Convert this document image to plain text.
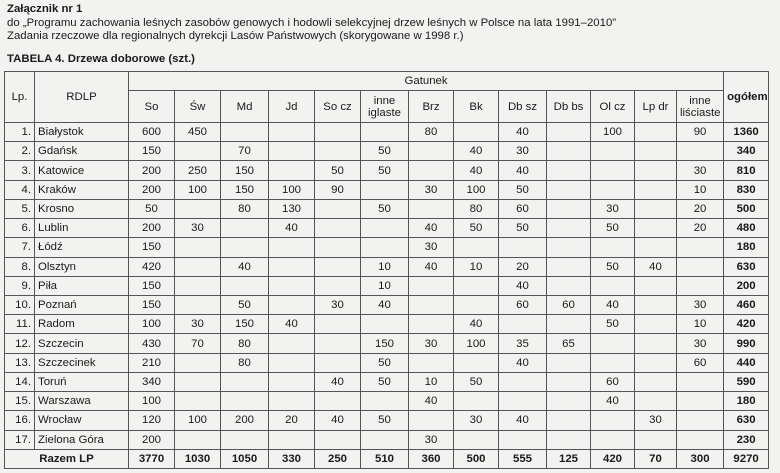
Załącznik nr 1
do „Programu zachowania leśnych zasobów genowych i hodowli selekcyjnej drzew leśnych w Polsce na lata 1991–2010”
Zadania rzeczowe dla regionalnych dyrekcji Lasów Państwowych (skorygowane w 1998 r.)
TABELA 4. Drzewa doborowe (szt.)
Lp.	RDLP	Gatunek													ogółem
		So	Św	Md	Jd	So cz	inne iglaste	Brz	Bk	Db sz	Db bs	Ol cz	Lp dr	inne liściaste	
1.	Białystok	600	450					80		40		100		90	1360
2.	Gdańsk	150		70			50		40	30					340
3.	Katowice	200	250	150		50	50		40	40				30	810
4.	Kraków	200	100	150	100	90		30	100	50				10	830
5.	Krosno	50		80	130		50		80	60		30		20	500
6.	Lublin	200	30		40			40	50	50		50		20	480
7.	Łódź	150						30							180
8.	Olsztyn	420		40			10	40	10	20		50	40		630
9.	Piła	150					10			40					200
10.	Poznań	150		50		30	40			60	60	40		30	460
11.	Radom	100	30	150	40				40			50		10	420
12.	Szczecin	430	70	80			150	30	100	35	65			30	990
13.	Szczecinek	210		80			50			40				60	440
14.	Toruń	340				40	50	10	50			60			590
15.	Warszawa	100						40				40			180
16.	Wrocław	120	100	200	20	40	50		30	40			30		630
17.	Zielona Góra	200						30							230
Razem LP		3770	1030	1050	330	250	510	360	500	555	125	420	70	300	9270
